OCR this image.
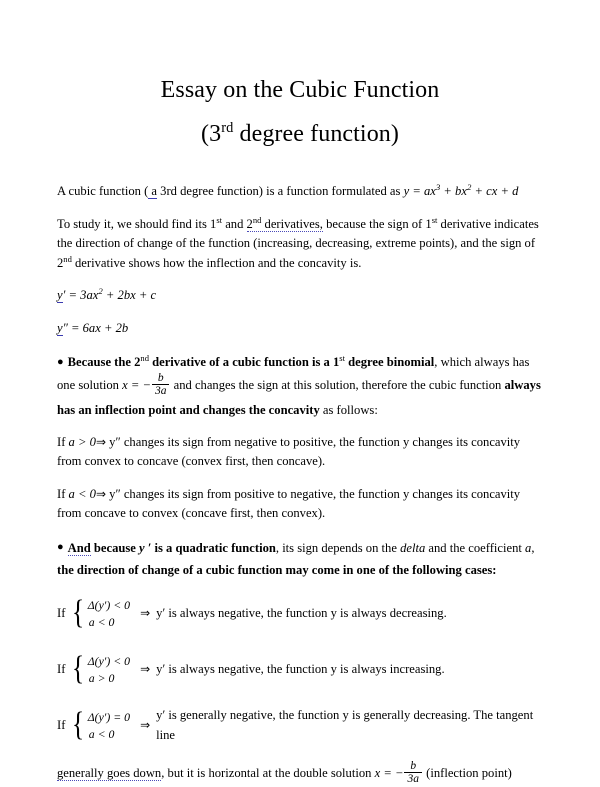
Essay on the Cubic Function
(3rd degree function)

A cubic function ( a 3rd degree function) is a function formulated as $y = ax^3 + bx^2$ + cx + d

To study it, we should find its 1st and 2nd derivatives, because the sign of 1st derivative indicates the direction of change of the function (increasing, decreasing, extreme points), and the sign of 2nd derivative shows how the inflection and the concavity is.

$y' = 3ax^2 + 2bx + c$
y″ = 6ax + 2b

● Because the 2nd derivative of a cubic function is a 1st degree binomial, which always has one solution x = − $\frac{b}{3a}$ and changes the sign at this solution, therefore the cubic function always has an inflection point and changes the concavity as follows:

If a > 0⇒ y″ changes its sign from negative to positive, the function y changes its concavity from convex to concave (convex first, then concave).

If a < 0⇒ y″ changes its sign from positive to negative, the function y changes its concavity from concave to convex (concave first, then convex).

● And because y ′ is a quadratic function, its sign depends on the delta and the coefficient a, the direction of change of a cubic function may come in one of the following cases:

If { Δ(y′) < 0
a < 0
⇒ y′ is always negative, the function y is always decreasing.
If { Δ(y′) < 0
a > 0
⇒ y′ is always negative, the function y is always increasing.
If { Δ(y′) = 0
a < 0
⇒
y′ is generally negative, the function y is generally decreasing. The tangent line

generally goes down, but it is horizontal at the double solution x = − $\frac{b}{3a}$ (inflection point)
